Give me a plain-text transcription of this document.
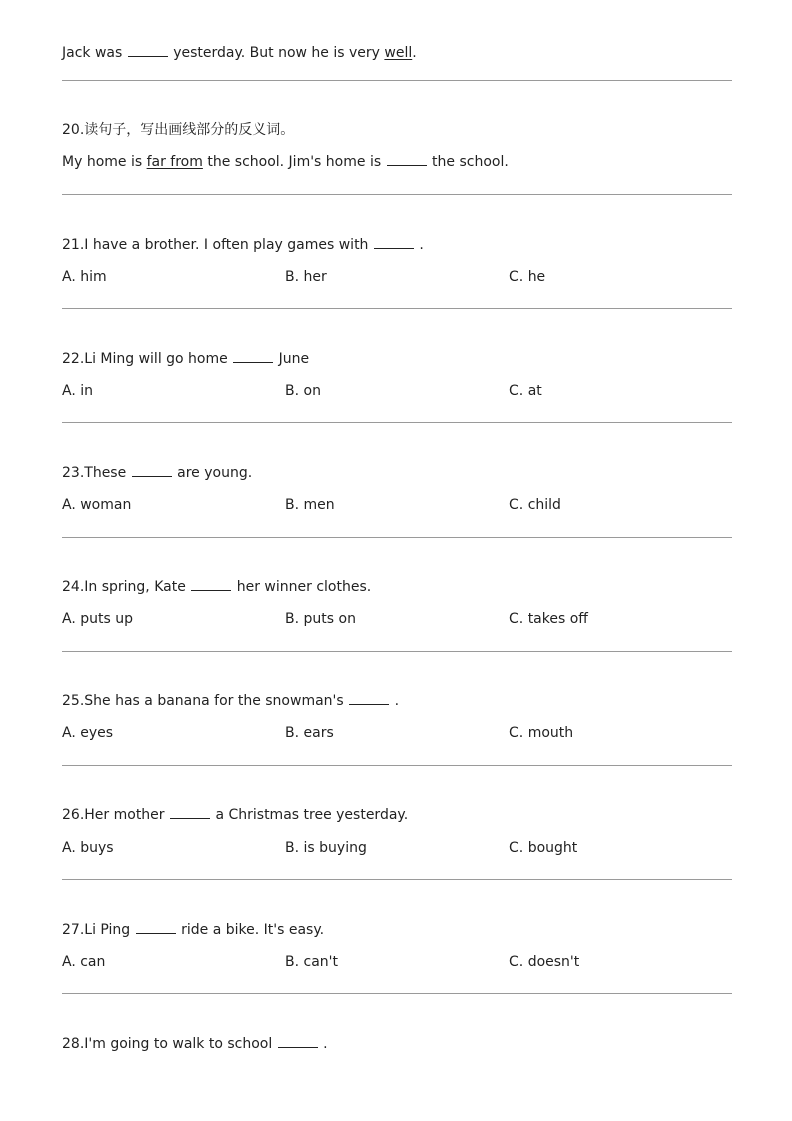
Jack was	yesterday. But now he is very well.
20.读句子，写出画线部分的反义词。
My home is far from the school. Jim's home is	the school.
21.I have a brother. I often play games with	.
A. him	B. her	C. he
22.Li Ming will go home	June
A. in	B. on	C. at
23.These	are young.
A. woman	B. men	C. child
24.In spring, Kate	her winner clothes.
A. puts up	B. puts on	C. takes off
25.She has a banana for the snowman's	.
A. eyes	B. ears	C. mouth
26.Her mother	a Christmas tree yesterday.
A. buys	B. is buying	C. bought
27.Li Ping	ride a bike. It's easy.
A. can	B. can't	C. doesn't
28.I'm going to walk to school	.
